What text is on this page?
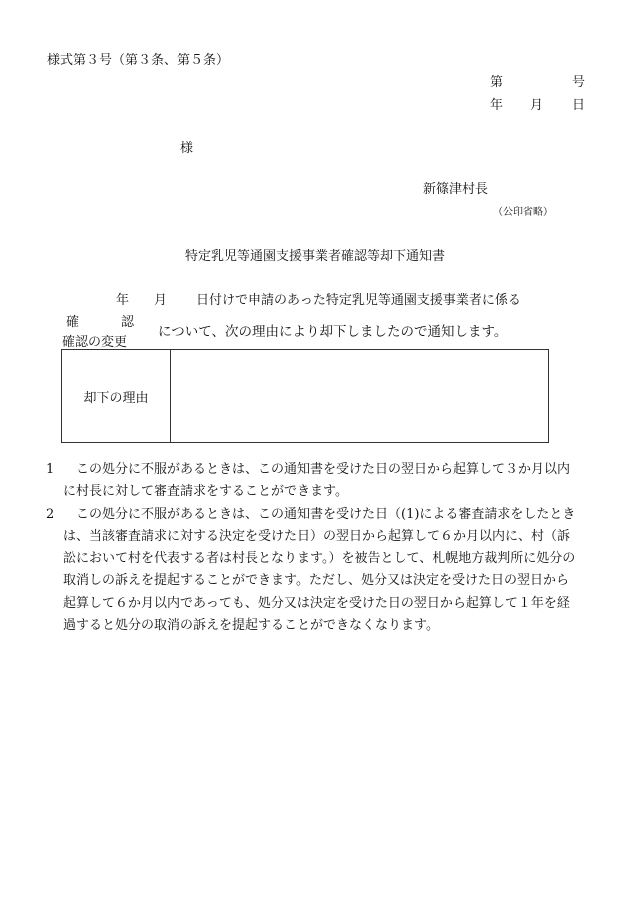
様式第３号（第３条、第５条）
第	号
年 月 日
様
新篠津村長
（公印省略）
特定乳児等通園支援事業者確認等却下通知書
年 月 日付けで申請のあった特定乳児等通園支援事業者に係る
確	認
確認の変更
について、次の理由により却下しましたので通知します。
却下の理由
1	この処分に不服があるときは、この通知書を受けた日の翌日から起算して３か月以内
に村長に対して審査請求をすることができます。
2	この処分に不服があるときは、この通知書を受けた日（(1)による審査請求をしたとき
は、当該審査請求に対する決定を受けた日）の翌日から起算して６か月以内に、村（訴
訟において村を代表する者は村長となります。）を被告として、札幌地方裁判所に処分の
取消しの訴えを提起することができます。ただし、処分又は決定を受けた日の翌日から
起算して６か月以内であっても、処分又は決定を受けた日の翌日から起算して１年を経
過すると処分の取消の訴えを提起することができなくなります。
